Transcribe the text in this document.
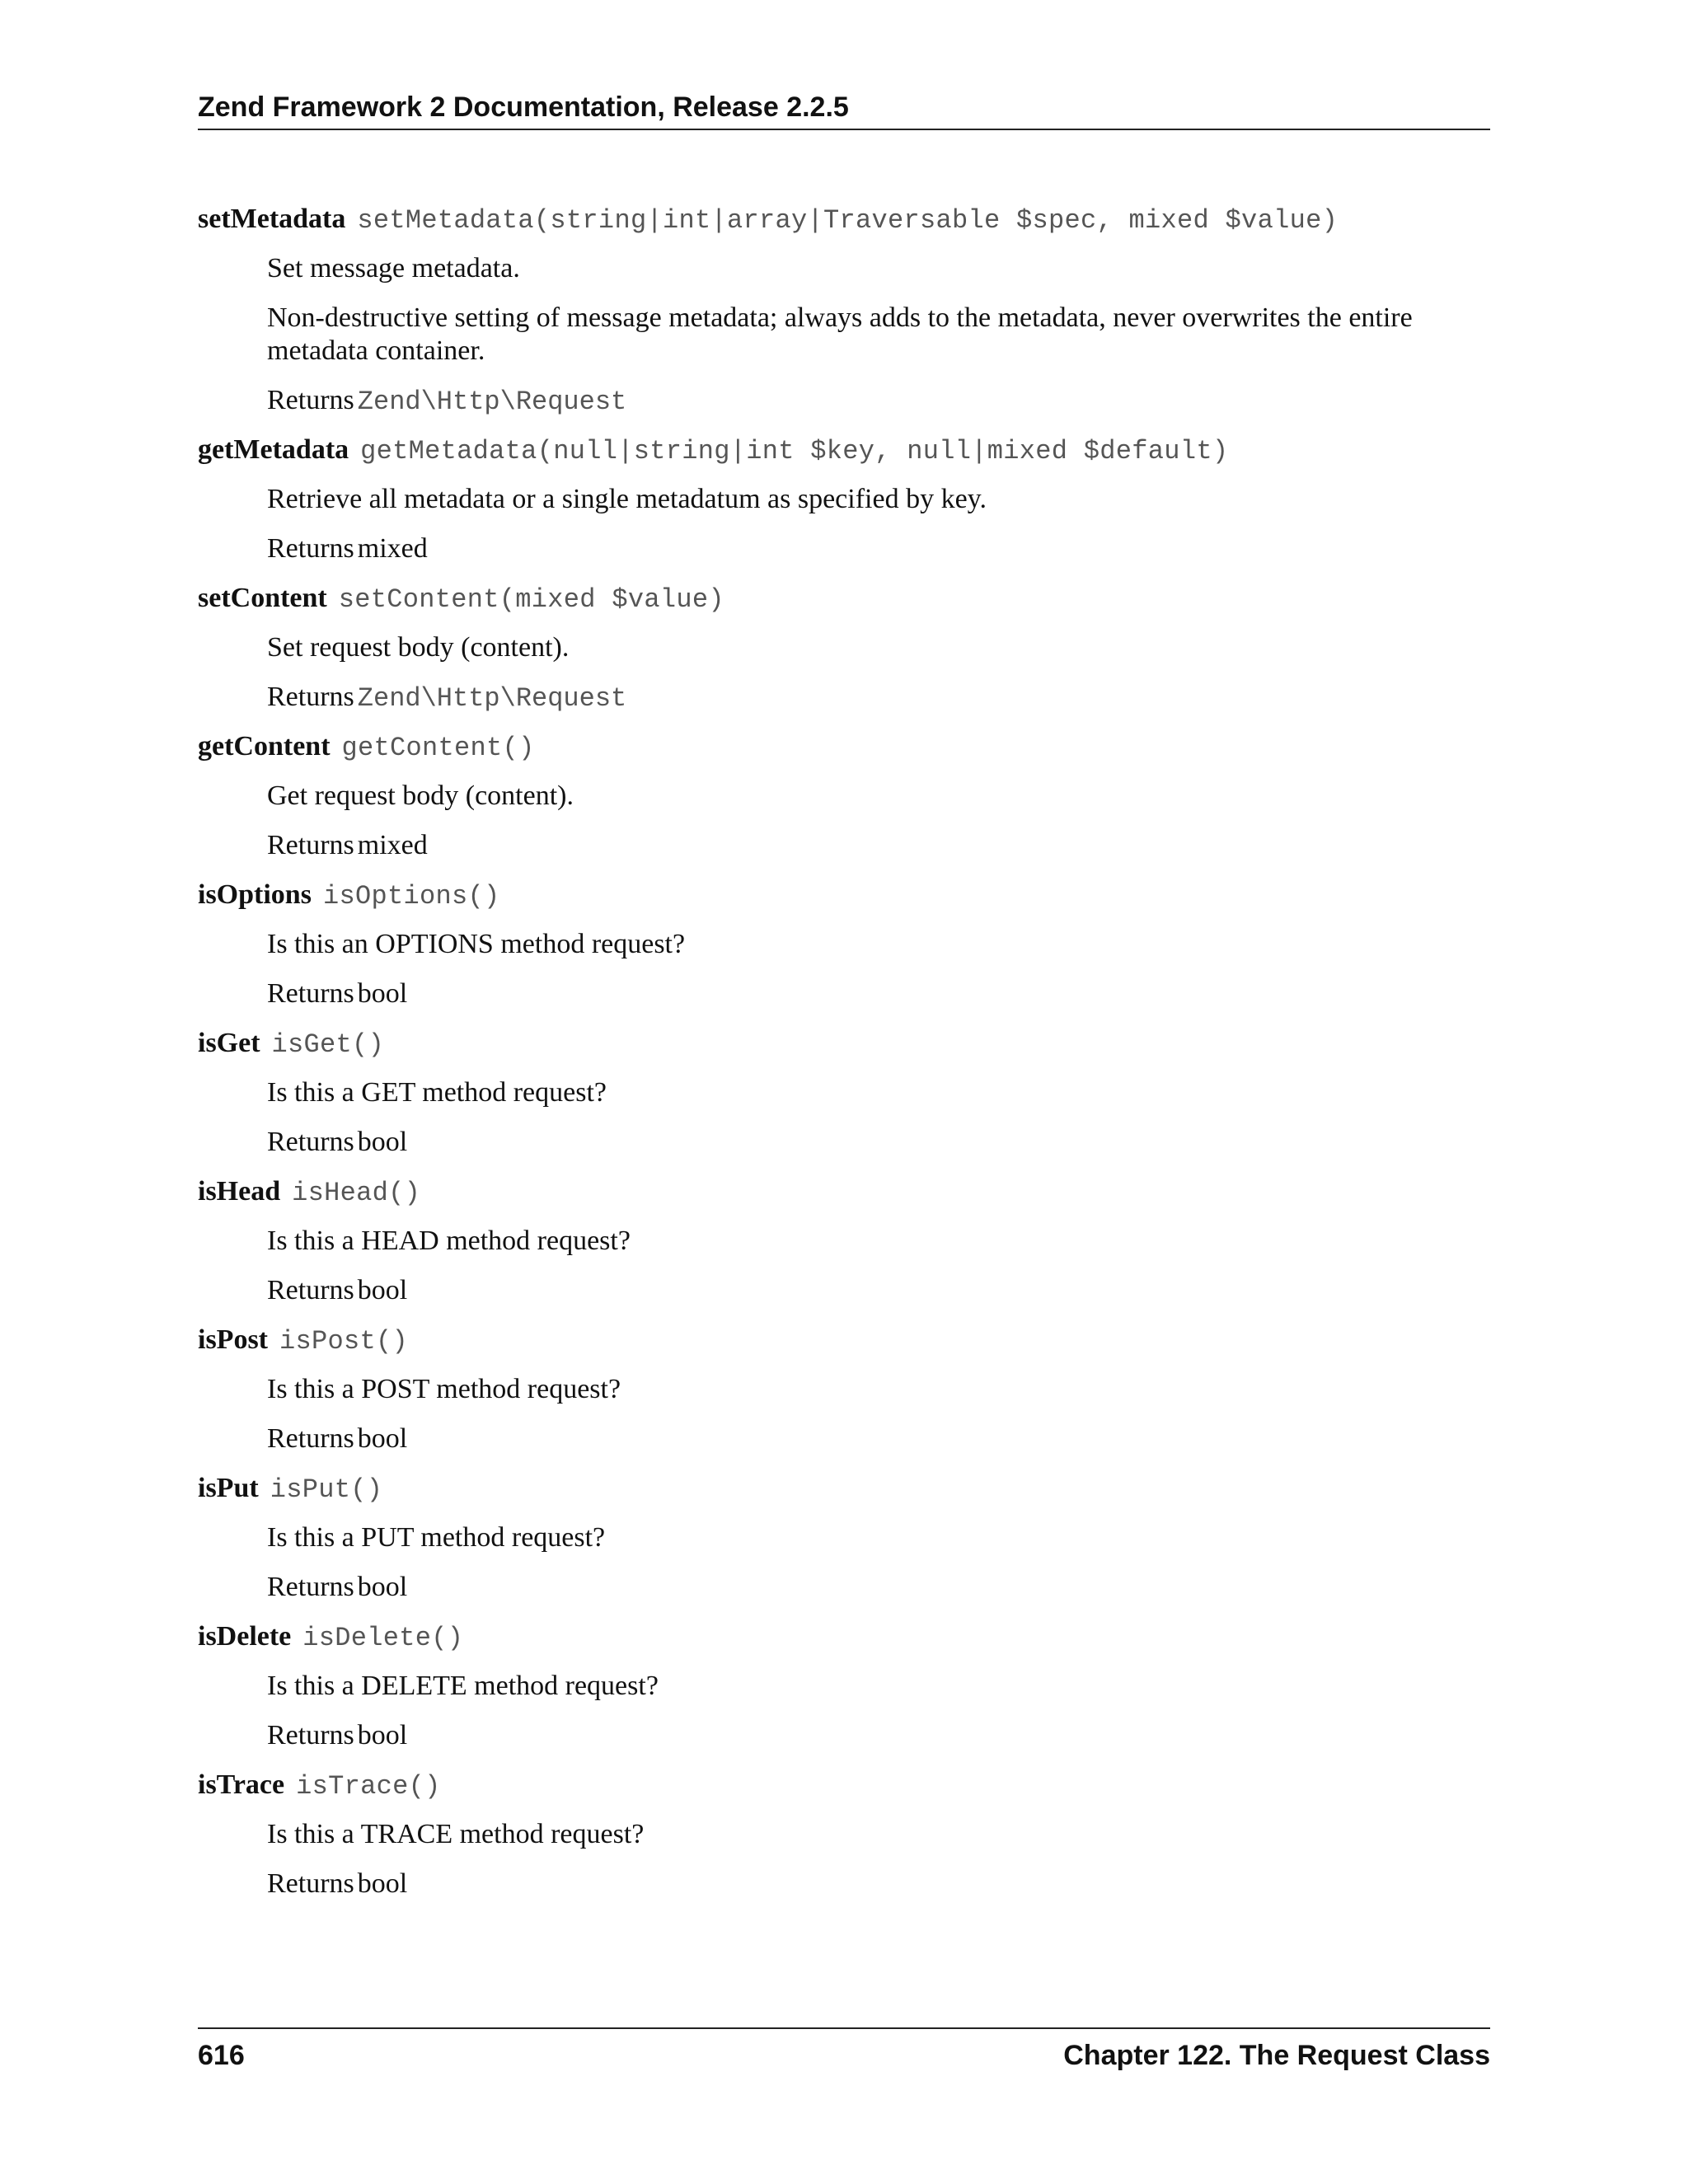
Zend Framework 2 Documentation, Release 2.2.5
setMetadata setMetadata(string|int|array|Traversable $spec, mixed $value)

Set message metadata.

Non-destructive setting of message metadata; always adds to the metadata, never overwrites the entire metadata container.

Returns Zend\Http\Request
getMetadata getMetadata(null|string|int $key, null|mixed $default)

Retrieve all metadata or a single metadatum as specified by key.

Returns mixed
setContent setContent(mixed $value)

Set request body (content).

Returns Zend\Http\Request
getContent getContent()

Get request body (content).

Returns mixed
isOptions isOptions()

Is this an OPTIONS method request?

Returns bool
isGet isGet()

Is this a GET method request?

Returns bool
isHead isHead()

Is this a HEAD method request?

Returns bool
isPost isPost()

Is this a POST method request?

Returns bool
isPut isPut()

Is this a PUT method request?

Returns bool
isDelete isDelete()

Is this a DELETE method request?

Returns bool
isTrace isTrace()

Is this a TRACE method request?

Returns bool
616	Chapter 122. The Request Class
